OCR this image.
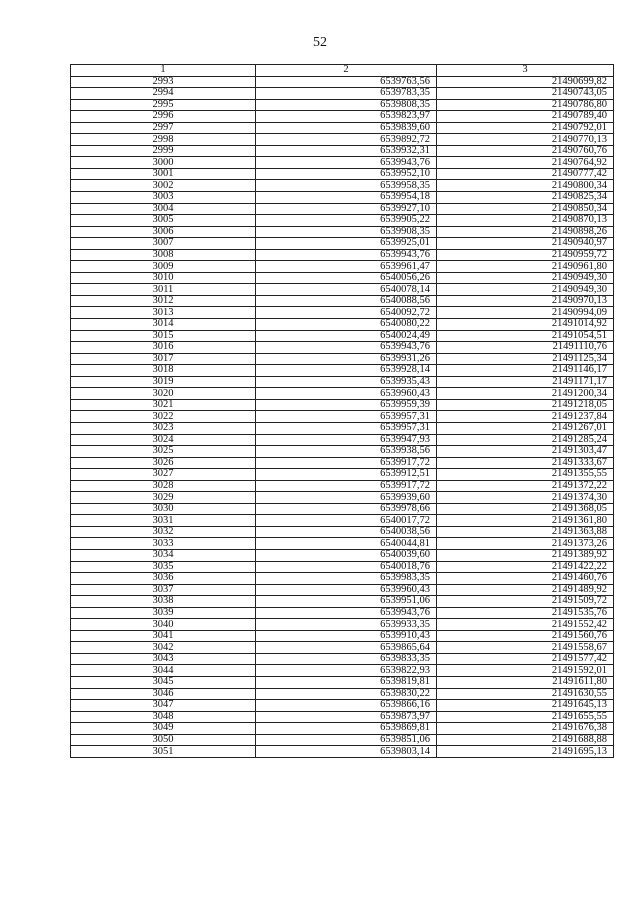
52
1	2	3
2993	6539763,56	21490699,82
2994	6539783,35	21490743,05
2995	6539808,35	21490786,80
2996	6539823,97	21490789,40
2997	6539839,60	21490792,01
2998	6539892,72	21490770,13
2999	6539932,31	21490760,76
3000	6539943,76	21490764,92
3001	6539952,10	21490777,42
3002	6539958,35	21490800,34
3003	6539954,18	21490825,34
3004	6539927,10	21490850,34
3005	6539905,22	21490870,13
3006	6539908,35	21490898,26
3007	6539925,01	21490940,97
3008	6539943,76	21490959,72
3009	6539961,47	21490961,80
3010	6540056,26	21490949,30
3011	6540078,14	21490949,30
3012	6540088,56	21490970,13
3013	6540092,72	21490994,09
3014	6540080,22	21491014,92
3015	6540024,49	21491054,51
3016	6539943,76	21491110,76
3017	6539931,26	21491125,34
3018	6539928,14	21491146,17
3019	6539935,43	21491171,17
3020	6539960,43	21491200,34
3021	6539959,39	21491218,05
3022	6539957,31	21491237,84
3023	6539957,31	21491267,01
3024	6539947,93	21491285,24
3025	6539938,56	21491303,47
3026	6539917,72	21491333,67
3027	6539912,51	21491355,55
3028	6539917,72	21491372,22
3029	6539939,60	21491374,30
3030	6539978,66	21491368,05
3031	6540017,72	21491361,80
3032	6540038,56	21491363,88
3033	6540044,81	21491373,26
3034	6540039,60	21491389,92
3035	6540018,76	21491422,22
3036	6539983,35	21491460,76
3037	6539960,43	21491489,92
3038	6539951,06	21491509,72
3039	6539943,76	21491535,76
3040	6539933,35	21491552,42
3041	6539910,43	21491560,76
3042	6539865,64	21491558,67
3043	6539833,35	21491577,42
3044	6539822,93	21491592,01
3045	6539819,81	21491611,80
3046	6539830,22	21491630,55
3047	6539866,16	21491645,13
3048	6539873,97	21491655,55
3049	6539869,81	21491676,38
3050	6539851,06	21491688,88
3051	6539803,14	21491695,13
